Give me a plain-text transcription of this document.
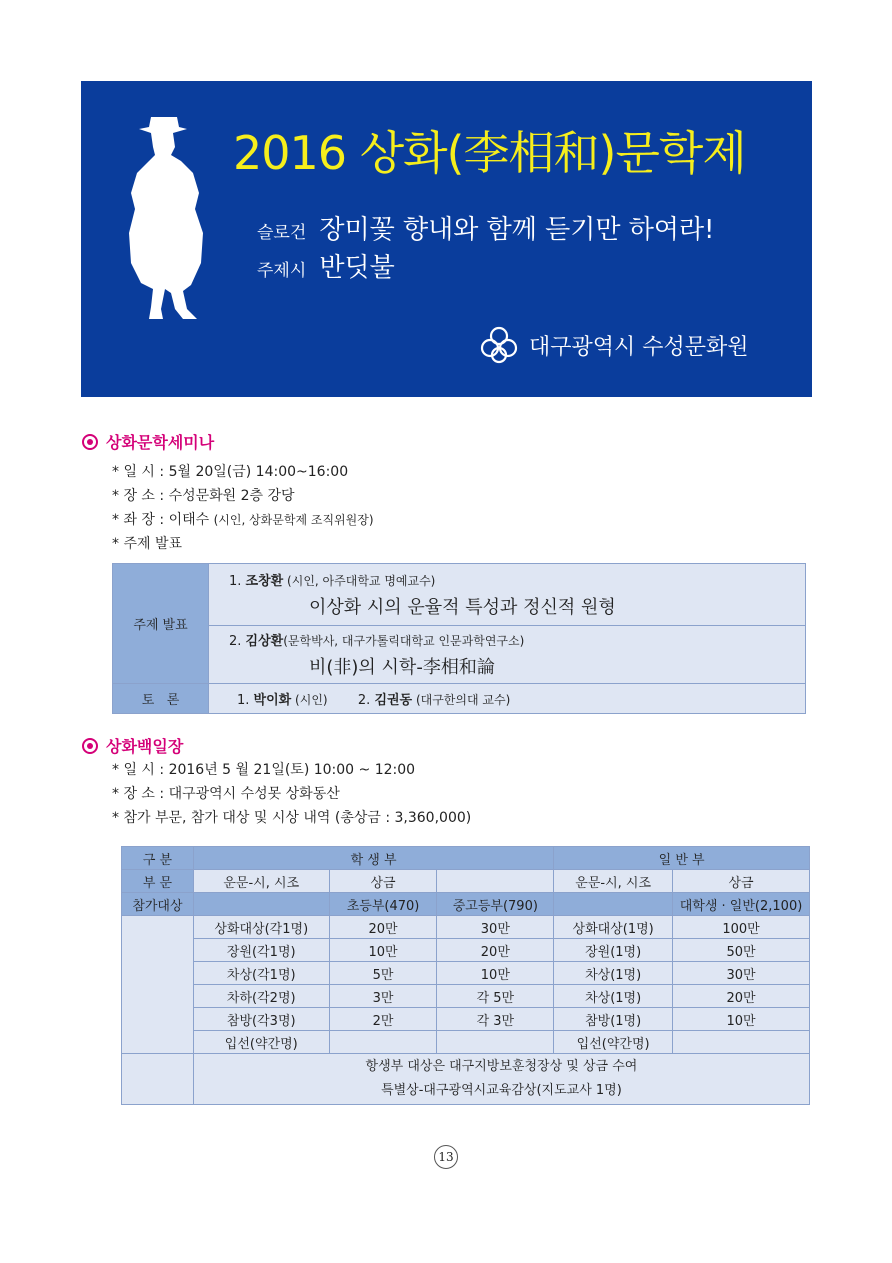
2016 상화(李相和)문학제
슬로건 장미꽃 향내와 함께 듣기만 하여라!
주제시 반딧불
대구광역시 수성문화원
상화문학세미나
* 일 시 : 5월 20일(금) 14:00~16:00
* 장 소 : 수성문화원 2층 강당
* 좌 장 : 이태수 (시인, 상화문학제 조직위원장)
* 주제 발표
주제 발표	1. 조창환 (시인, 아주대학교 명예교수)
이상화 시의 운율적 특성과 정신적 원형

	2. 김상환(문학박사, 대구가톨릭대학교 인문과학연구소)
비(非)의 시학-李相和論

토   론	1. 박이화 (시인) 2. 김권동 (대구한의대 교수)
상화백일장
* 일 시 : 2016년 5 월 21일(토) 10:00 ~ 12:00
* 장 소 : 대구광역시 수성못 상화동산
* 참가 부문, 참가 대상 및 시상 내역 (총상금 : 3,360,000)
구 분	학 생 부			일 반 부	
부 문	운문-시, 시조	상금		운문-시, 시조	상금
참가대상		초등부(470)	중고등부(790)		대학생 · 일반(2,100)
	상화대상(각1명)	20만	30만	상화대상(1명)	100만
	장원(각1명)	10만	20만	장원(1명)	50만
	차상(각1명)	5만	10만	차상(1명)	30만
	차하(각2명)	3만	각 5만	차상(1명)	20만
	참방(각3명)	2만	각 3만	참방(1명)	10만
	입선(약간명)			입선(약간명)	

	항생부 대상은 대구지방보훈청장상 및 상금 수여
특별상-대구광역시교육감상(지도교사 1명)				
13
